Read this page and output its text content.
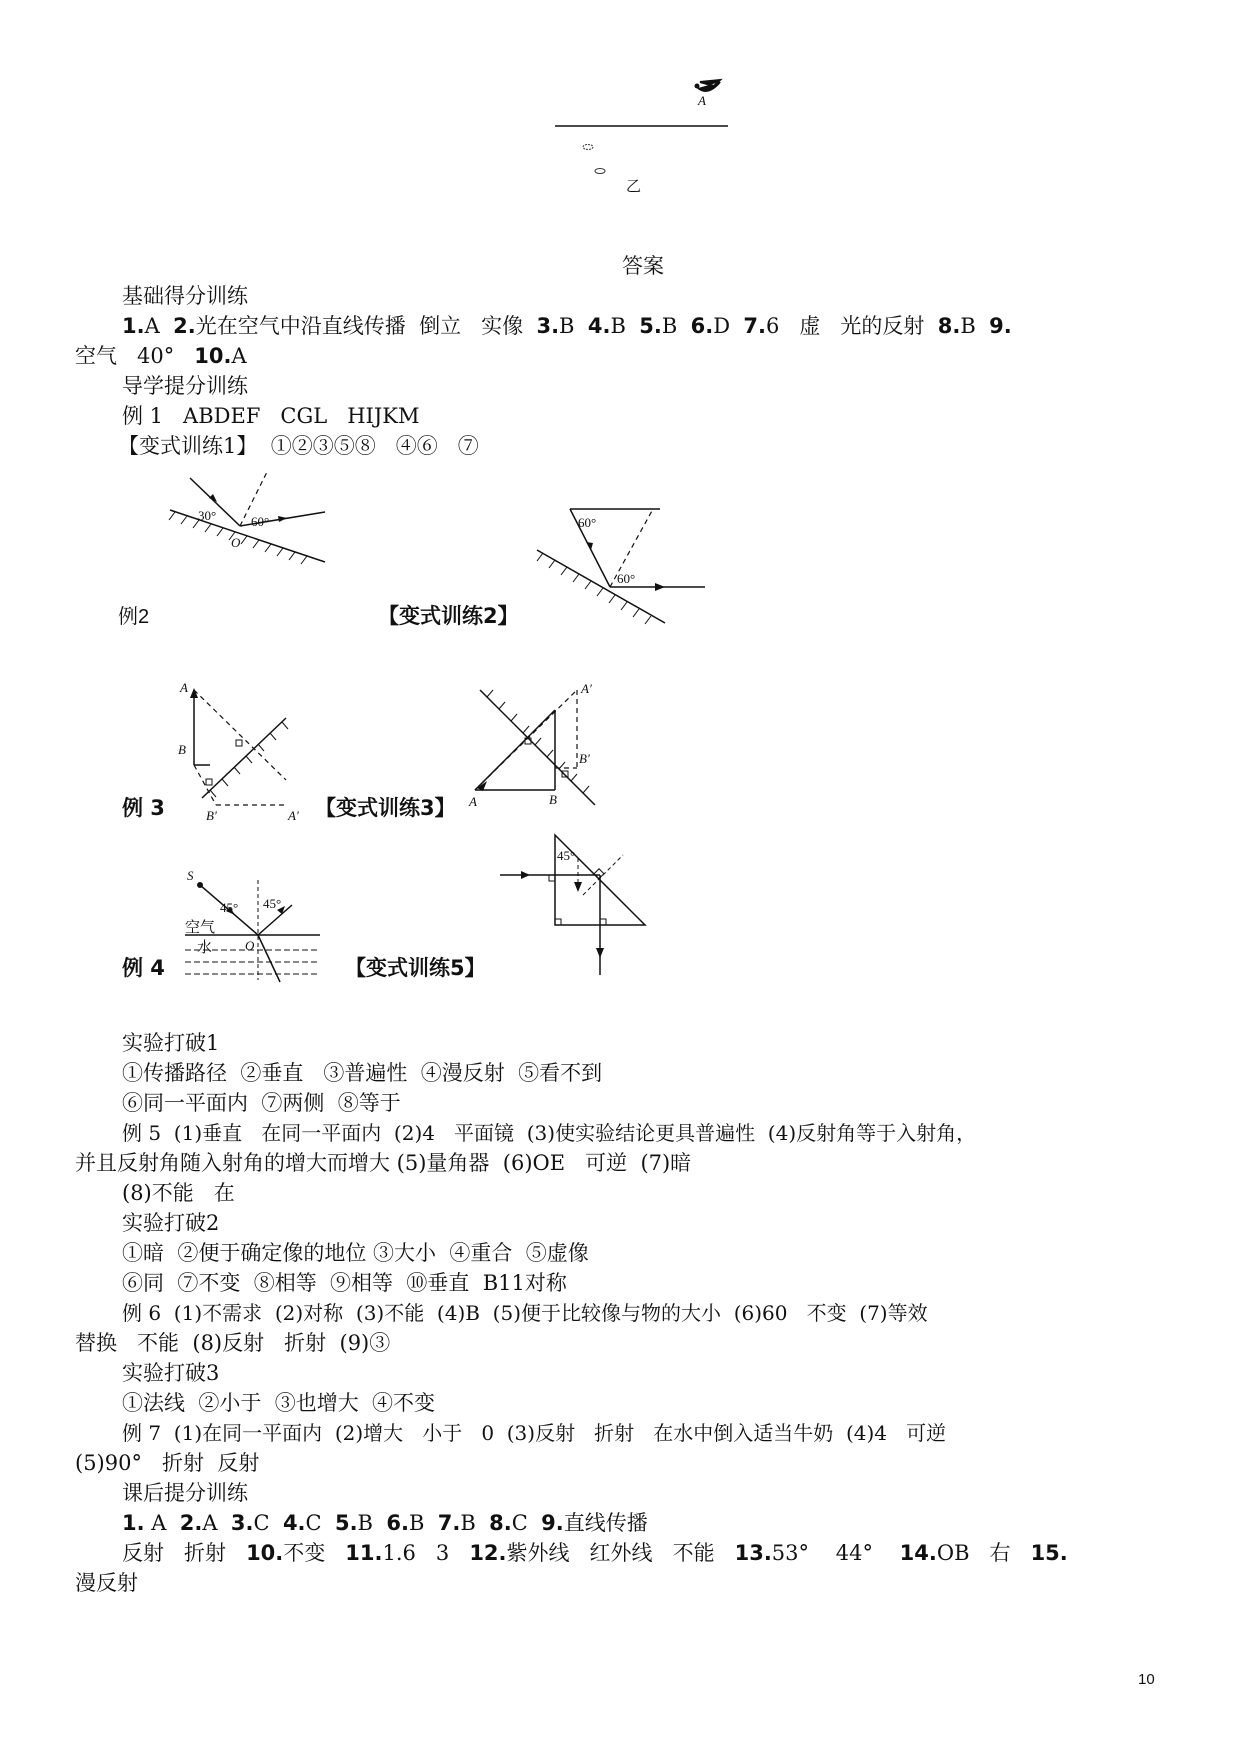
A
乙
答案
基础得分训练
1.A  2.光在空气中沿直线传播  倒立   实像  3.B  4.B  5.B  6.D  7.6   虚   光的反射  8.B  9.
空气   40°   10.A
导学提分训练
例 1   ABDEF   CGL   HIJKM
【变式训练1】  ①②③⑤⑧   ④⑥   ⑦
30°	60°
O
例2
60°
60°
【变式训练2】
A
B
B′	A′
例 3	【变式训练3】
A′
B′
A	B
S
45° 45°
空气
水	O
例 4	【变式训练5】
45°
实验打破1
①传播路径  ②垂直   ③普遍性  ④漫反射  ⑤看不到
⑥同一平面内  ⑦两侧  ⑧等于
例 5  (1)垂直   在同一平面内  (2)4   平面镜  (3)使实验结论更具普遍性  (4)反射角等于入射角，
并且反射角随入射角的增大而增大 (5)量角器  (6)OE   可逆  (7)暗
(8)不能   在
实验打破2
①暗  ②便于确定像的地位 ③大小  ④重合  ⑤虚像
⑥同  ⑦不变  ⑧相等  ⑨相等  ⑩垂直  B11对称
例 6  (1)不需求  (2)对称  (3)不能  (4)B  (5)便于比较像与物的大小  (6)60   不变  (7)等效
替换   不能  (8)反射   折射  (9)③
实验打破3
①法线  ②小于  ③也增大  ④不变
例 7  (1)在同一平面内  (2)增大   小于   0  (3)反射   折射   在水中倒入适当牛奶  (4)4   可逆
(5)90°   折射  反射
课后提分训练
1. A  2.A  3.C  4.C  5.B  6.B  7.B  8.C  9.直线传播
反射   折射   10.不变   11.1.6   3   12.紫外线   红外线   不能   13.53°    44°    14.OB   右   15.
漫反射
10
